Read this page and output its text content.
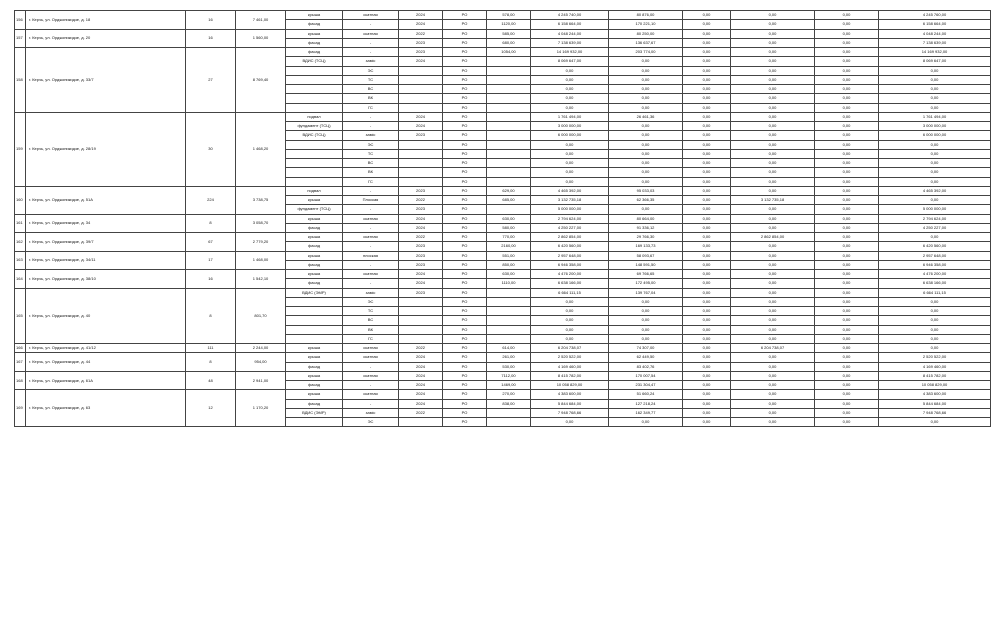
156	г. Керчь, ул. Орджоникидзе, д. 18	16	7 461,00	крыша	скатная	2024	РО	578,00	4 245 740,00	80 876,00	0,00	0,00	0,00	4 245 760,00
				фасад	-	2024	РО	1120,00	6 158 664,00	170 221,10	0,00	0,00	0,00	6 158 664,00
157	г. Керчь, ул. Орджоникидзе, д. 20	16	1 560,00	крыша	скатная	2022	РО	585,00	4 048 244,00	80 250,00	0,00	0,00	0,00	4 048 244,00
				фасад	-	2023	РО	680,00	7 138 639,00	136 637,67	0,00	0,00	0,00	7 138 639,00
158	г. Керчь, ул. Орджоникидзе, д. 33/7	27	8 769,40	фасад	-	2023	РО	1054,00	14 169 932,00	203 774,00	0,00	0,00	0,00	14 169 932,00
				ВДИС (ТСЦ)	заміс	2024	РО		8 069 647,00	0,00	0,00	0,00	0,00	8 069 647,00
					ЭС		РО		0,00	0,00	0,00	0,00	0,00	0,00
					ТС		РО		0,00	0,00	0,00	0,00	0,00	0,00
					ВС		РО		0,00	0,00	0,00	0,00	0,00	0,00
					ВК		РО		0,00	0,00	0,00	0,00	0,00	0,00
					ГС		РО		0,00	0,00	0,00	0,00	0,00	0,00
159	г. Керчь, ул. Орджоникидзе, д. 28/19	30	1 468,20	подвал	-	2024	РО		1 761 494,00	26 461,36	0,00	0,00	0,00	1 761 494,00
				фундамент (ТСЦ)	-	2024	РО		3 000 000,00	0,00	0,00	0,00	0,00	3 000 000,00
				ВДИС (ТСЦ)	заміс	2023	РО		6 000 000,00	0,00	0,00	0,00	0,00	6 000 000,00
					ЭС		РО		0,00	0,00	0,00	0,00	0,00	0,00
					ТС		РО		0,00	0,00	0,00	0,00	0,00	0,00
					ВС		РО		0,00	0,00	0,00	0,00	0,00	0,00
					ВК		РО		0,00	0,00	0,00	0,00	0,00	0,00
					ГС		РО		0,00	0,00	0,00	0,00	0,00	0,00
160	г. Керчь, ул. Орджоникидзе, д. 51А	224	3 738,75	подвал	-	2023	РО	629,00	4 465 392,00	95 033,03	0,00	0,00	0,00	4 465 392,00
				крыша	Плоская	2022	РО	685,00	3 132 735,18	62 366,35	0,00	3 132 735,18	0,00	0,00
				фундамент (ТСЦ)	-	2023	РО		5 000 000,00	0,00	0,00	0,00	0,00	5 000 000,00
161	г. Керчь, ул. Орджоникидзе, д. 34	8	3 058,70	крыша	скатная	2024	РО	630,00	2 794 624,00	80 664,00	0,00	0,00	0,00	2 794 624,00
				фасад	-	2024	РО	580,00	4 250 227,00	91 336,12	0,00	0,00	0,00	4 250 227,00
162	г. Керчь, ул. Орджоникидзе, д. 39/7	67	2 779,20	крыша	скатная	2022	РО	770,00	2 862 854,00	29 766,30	0,00	2 862 854,00	0,00	0,00
				фасад	-	2023	РО	2160,00	6 420 560,00	169 133,73	0,00	0,00	0,00	6 420 560,00
163	г. Керчь, ул. Орджоникидзе, д. 34/11	17	1 468,00	крыша	плоская	2023	РО	551,00	2 957 648,00	58 093,67	0,00	0,00	0,00	2 957 648,00
				фасад	-	2023	РО	850,00	6 946 358,00	148 591,50	0,00	0,00	0,00	6 946 358,00
164	г. Керчь, ул. Орджоникидзе, д. 38/10	16	1 542,10	крыша	скатная	2024	РО	630,00	4 476 200,00	69 766,65	0,00	0,00	0,00	4 476 200,00
				фасад	-	2024	РО	1110,00	6 638 166,00	172 495,00	0,00	0,00	0,00	6 638 166,00
165	г. Керчь, ул. Орджоникидзе, д. 40	8	801,70	ВДИС (ЭМР)	заміс	2023	РО		6 664 111,15	139 767,04	0,00	0,00	0,00	6 664 111,15
					ЭС		РО		0,00	0,00	0,00	0,00	0,00	0,00
					ТС		РО		0,00	0,00	0,00	0,00	0,00	0,00
					ВС		РО		0,00	0,00	0,00	0,00	0,00	0,00
					ВК		РО		0,00	0,00	0,00	0,00	0,00	0,00
					ГС		РО		0,00	0,00	0,00	0,00	0,00	0,00
166	г. Керчь, ул. Орджоникидзе, д. 41/12	111	2 244,00	крыша	скатная	2022	РО	614,00	6 204 738,07	74 307,00	0,00	6 204 738,07	0,00	0,00
167	г. Керчь, ул. Орджоникидзе, д. 44	8	954,00	крыша	скатная	2024	РО	261,00	2 520 522,00	62 449,50	0,00	0,00	0,00	2 520 522,00
				фасад	-	2024	РО	530,00	4 169 460,00	83 402,76	0,00	0,00	0,00	4 169 460,00
168	г. Керчь, ул. Орджоникидзе, д. 61А	48	2 941,00	крыша	скатная	2024	РО	7112,00	8 415 782,00	170 007,54	0,00	0,00	0,00	8 415 782,00
				фасад	-	2024	РО	1469,00	10 058 829,00	231 304,47	0,00	0,00	0,00	10 058 829,00
169	г. Керчь, ул. Орджоникидзе, д. 63	12	1 170,20	крыша	скатная	2024	РО	270,00	4 383 600,00	51 660,24	0,00	0,00	0,00	4 383 600,00
				фасад	-	2024	РО	838,00	5 844 684,00	127 218,24	0,00	0,00	0,00	5 844 684,00
				ВДИС (ЭМР)	заміс	2022	РО		7 948 768,66	162 349,77	0,00	0,00	0,00	7 948 768,66
					ЭС		РО		0,00	0,00	0,00	0,00	0,00	0,00
